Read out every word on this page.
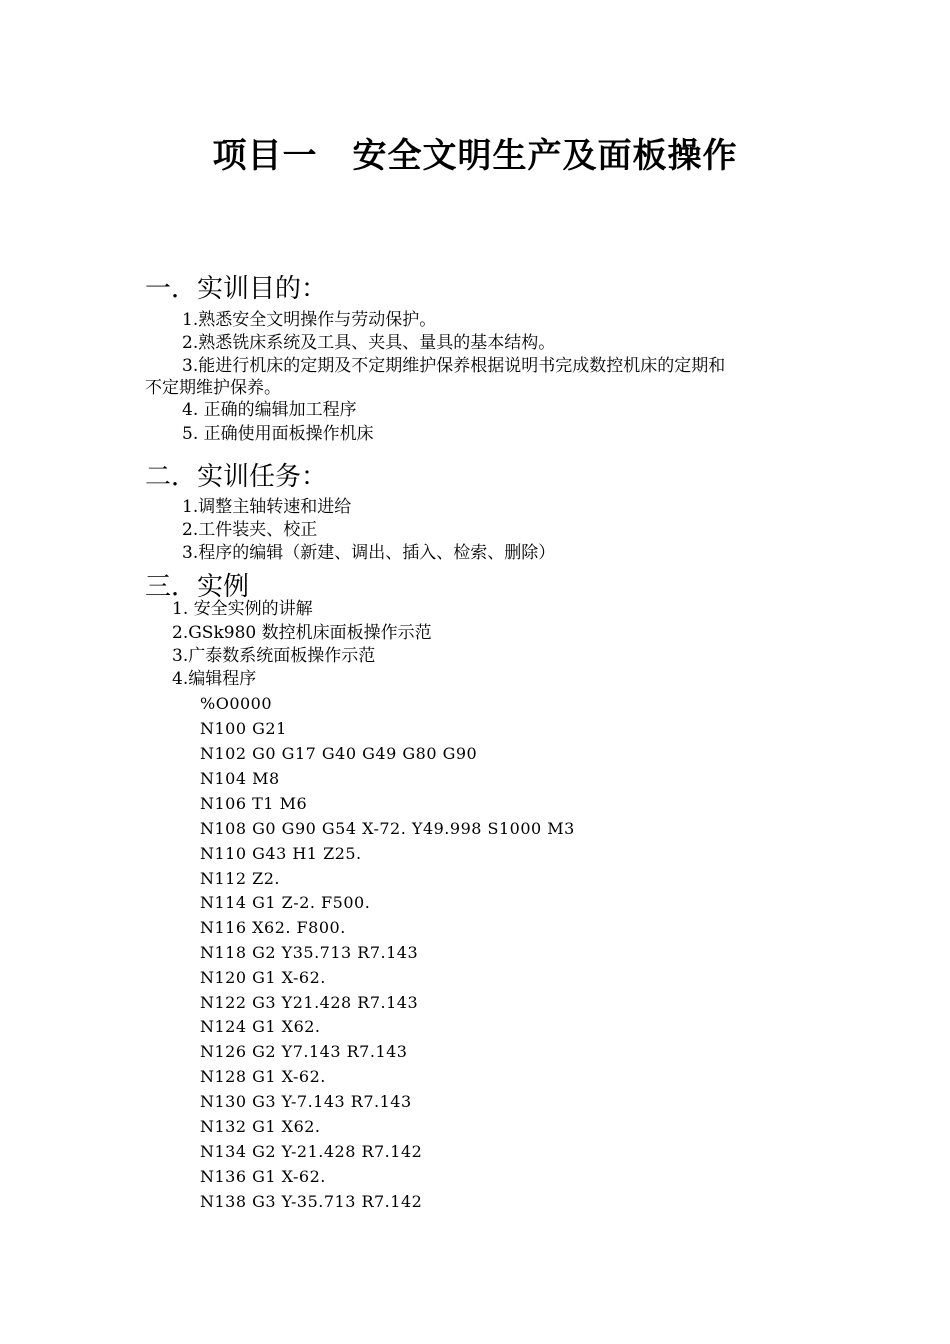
项目一　安全文明生产及面板操作
一．实训目的：
1.熟悉安全文明操作与劳动保护。
2.熟悉铣床系统及工具、夹具、量具的基本结构。
3.能进行机床的定期及不定期维护保养根据说明书完成数控机床的定期和
不定期维护保养。
4. 正确的编辑加工程序
5. 正确使用面板操作机床
二．实训任务：
1.调整主轴转速和进给
2.工件装夹、校正
3.程序的编辑（新建、调出、插入、检索、删除）
三．实例
1. 安全实例的讲解
2.GSk980 数控机床面板操作示范
3.广泰数系统面板操作示范
4.编辑程序
%O0000
N100 G21
N102 G0 G17 G40 G49 G80 G90
N104 M8
N106 T1 M6
N108 G0 G90 G54 X-72. Y49.998 S1000 M3
N110 G43 H1 Z25.
N112 Z2.
N114 G1 Z-2. F500.
N116 X62. F800.
N118 G2 Y35.713 R7.143
N120 G1 X-62.
N122 G3 Y21.428 R7.143
N124 G1 X62.
N126 G2 Y7.143 R7.143
N128 G1 X-62.
N130 G3 Y-7.143 R7.143
N132 G1 X62.
N134 G2 Y-21.428 R7.142
N136 G1 X-62.
N138 G3 Y-35.713 R7.142
